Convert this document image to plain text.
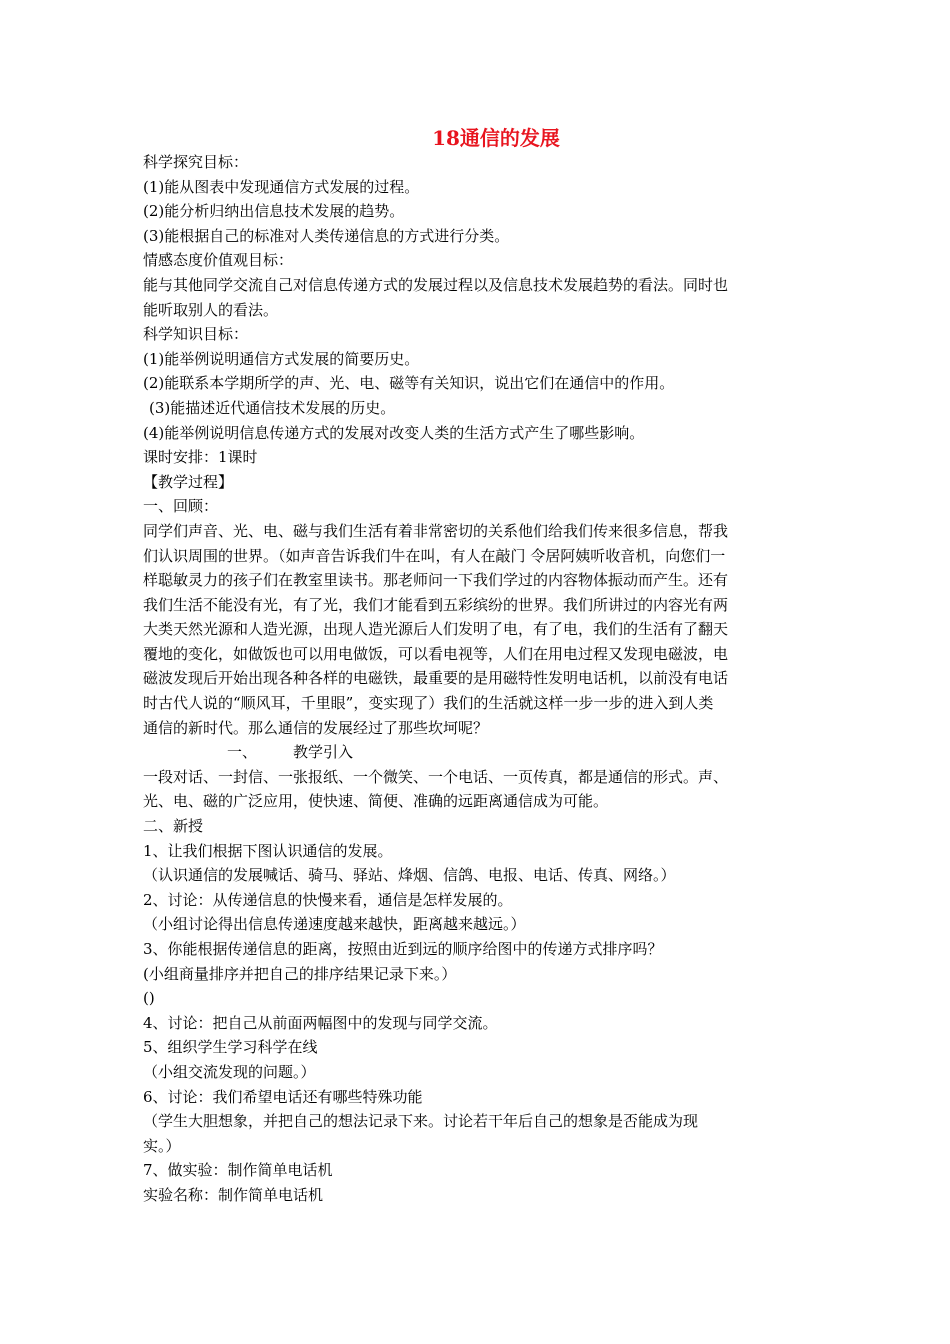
18通信的发展
科学探究目标：
(1)能从图表中发现通信方式发展的过程。
(2)能分析归纳出信息技术发展的趋势。
(3)能根据自己的标准对人类传递信息的方式进行分类。
情感态度价值观目标：
能与其他同学交流自己对信息传递方式的发展过程以及信息技术发展趋势的看法。同时也
能听取别人的看法。
科学知识目标：
(1)能举例说明通信方式发展的简要历史。
(2)能联系本学期所学的声、光、电、磁等有关知识，说出它们在通信中的作用。
(3)能描述近代通信技术发展的历史。
(4)能举例说明信息传递方式的发展对改变人类的生活方式产生了哪些影响。
课时安排：1课时
【教学过程】
一、回顾：
同学们声音、光、电、磁与我们生活有着非常密切的关系他们给我们传来很多信息，帮我
们认识周围的世界。（如声音告诉我们牛在叫，有人在敲门 令居阿姨听收音机，向您们一
样聪敏灵力的孩子们在教室里读书。那老师问一下我们学过的内容物体振动而产生。还有
我们生活不能没有光，有了光，我们才能看到五彩缤纷的世界。我们所讲过的内容光有两
大类天然光源和人造光源，出现人造光源后人们发明了电，有了电，我们的生活有了翻天
覆地的变化，如做饭也可以用电做饭，可以看电视等，人们在用电过程又发现电磁波，电
磁波发现后开始出现各种各样的电磁铁，最重要的是用磁特性发明电话机，以前没有电话
时古代人说的“顺风耳，千里眼”，变实现了）我们的生活就这样一步一步的进入到人类
通信的新时代。那么通信的发展经过了那些坎坷呢？
一、 教学引入
一段对话、一封信、一张报纸、一个微笑、一个电话、一页传真，都是通信的形式。声、
光、电、磁的广泛应用，使快速、简便、准确的远距离通信成为可能。
二、新授
1、让我们根据下图认识通信的发展。
（认识通信的发展喊话、骑马、驿站、烽烟、信鸽、电报、电话、传真、网络。）
2、讨论：从传递信息的快慢来看，通信是怎样发展的。
（小组讨论得出信息传递速度越来越快，距离越来越远。）
3、你能根据传递信息的距离，按照由近到远的顺序给图中的传递方式排序吗？
(小组商量排序并把自己的排序结果记录下来。）
()
4、讨论：把自己从前面两幅图中的发现与同学交流。
5、组织学生学习科学在线
（小组交流发现的问题。）
6、讨论：我们希望电话还有哪些特殊功能
（学生大胆想象，并把自己的想法记录下来。讨论若干年后自己的想象是否能成为现
实。）
7、做实验：制作简单电话机
实验名称：制作简单电话机
